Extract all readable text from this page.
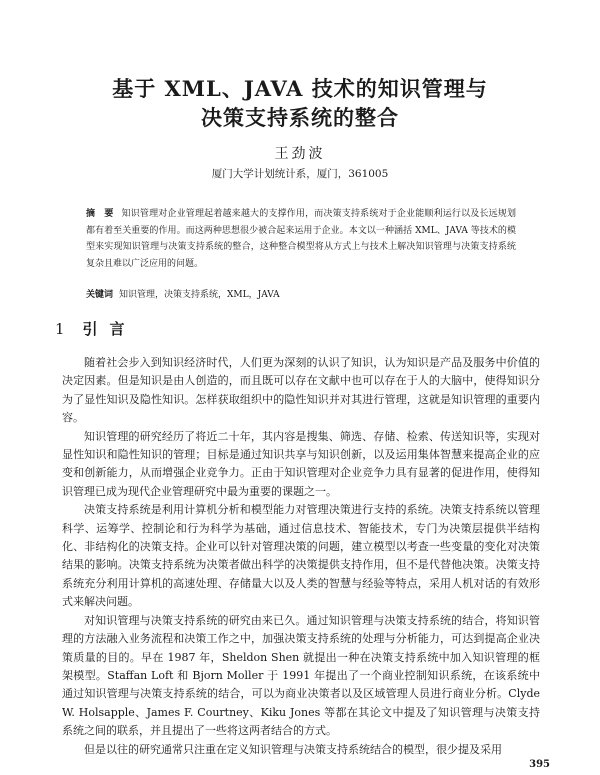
基于 XML、JAVA 技术的知识管理与
决策支持系统的整合
王劲波
厦门大学计划统计系，厦门，361005
摘　要 知识管理对企业管理起着越来越大的支撑作用，而决策支持系统对于企业能顺利运行以及长远规划都有着至关重要的作用。而这两种思想很少被合起来运用于企业。本文以一种涵括 XML、JAVA 等技术的模型来实现知识管理与决策支持系统的整合，这种整合模型将从方式上与技术上解决知识管理与决策支持系统复杂且难以广泛应用的问题。
关键词 知识管理，决策支持系统，XML，JAVA
1 引言

随着社会步入到知识经济时代，人们更为深刻的认识了知识，认为知识是产品及服务中价值的决定因素。但是知识是由人创造的，而且既可以存在文献中也可以存在于人的大脑中，使得知识分为了显性知识及隐性知识。怎样获取组织中的隐性知识并对其进行管理，这就是知识管理的重要内容。

知识管理的研究经历了将近二十年，其内容是搜集、筛选、存储、检索、传送知识等，实现对显性知识和隐性知识的管理；目标是通过知识共享与知识创新，以及运用集体智慧来提高企业的应变和创新能力，从而增强企业竞争力。正由于知识管理对企业竞争力具有显著的促进作用，使得知识管理已成为现代企业管理研究中最为重要的课题之一。

决策支持系统是利用计算机分析和模型能力对管理决策进行支持的系统。决策支持系统以管理科学、运筹学、控制论和行为科学为基础，通过信息技术、智能技术，专门为决策层提供半结构化、非结构化的决策支持。企业可以针对管理决策的问题，建立模型以考查一些变量的变化对决策结果的影响。决策支持系统为决策者做出科学的决策提供支持作用，但不是代替他决策。决策支持系统充分利用计算机的高速处理、存储量大以及人类的智慧与经验等特点，采用人机对话的有效形式来解决问题。

对知识管理与决策支持系统的研究由来已久。通过知识管理与决策支持系统的结合，将知识管理的方法融入业务流程和决策工作之中，加强决策支持系统的处理与分析能力，可达到提高企业决策质量的目的。早在 1987 年，Sheldon Shen 就提出一种在决策支持系统中加入知识管理的框架模型。Staffan Loft 和 Bjorn Moller 于 1991 年提出了一个商业控制知识系统，在该系统中通过知识管理与决策支持系统的结合，可以为商业决策者以及区域管理人员进行商业分析。Clyde W. Holsapple、James F. Courtney、Kiku Jones 等都在其论文中提及了知识管理与决策支持系统之间的联系，并且提出了一些将这两者结合的方式。

但是以往的研究通常只注重在定义知识管理与决策支持系统结合的模型，很少提及采用

395
